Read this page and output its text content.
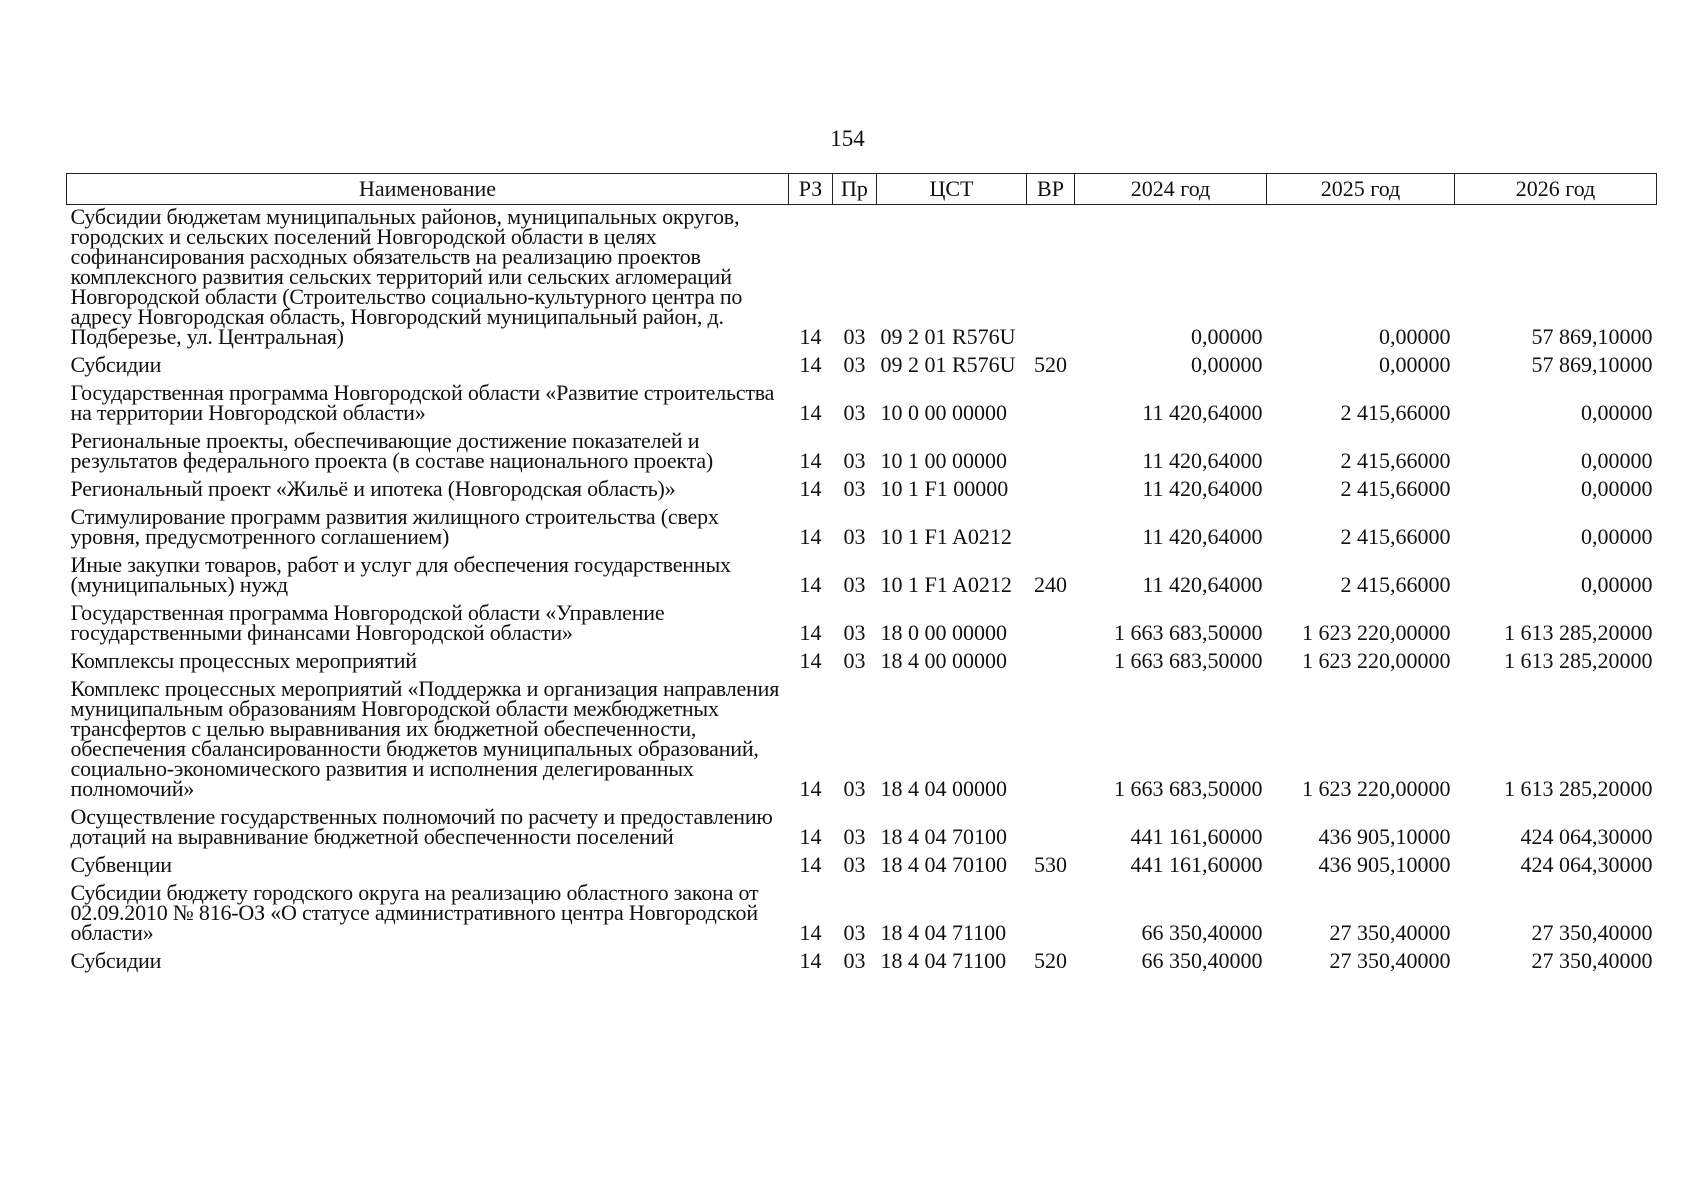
154
Наименование	РЗ	Пр	ЦСТ	ВР	2024 год	2025 год	2026 год
Субсидии бюджетам муниципальных районов, муниципальных округов, городских и сельских поселений Новгородской области в целях софинансирования расходных обязательств на реализацию проектов комплексного развития сельских территорий или сельских агломераций Новгородской области (Строительство социально-культурного центра по адресу Новгородская область, Новгородский муниципальный район, д. Подберезье, ул. Центральная)	14	03	09 2 01 R576U		0,00000	0,00000	57 869,10000
Субсидии	14	03	09 2 01 R576U	520	0,00000	0,00000	57 869,10000
Государственная программа Новгородской области «Развитие строительства на территории Новгородской области»	14	03	10 0 00 00000		11 420,64000	2 415,66000	0,00000
Региональные проекты, обеспечивающие достижение показателей и результатов федерального проекта (в составе национального проекта)	14	03	10 1 00 00000		11 420,64000	2 415,66000	0,00000
Региональный проект «Жильё и ипотека (Новгородская область)»	14	03	10 1 F1 00000		11 420,64000	2 415,66000	0,00000
Стимулирование программ развития жилищного строительства (сверх уровня, предусмотренного соглашением)	14	03	10 1 F1 A0212		11 420,64000	2 415,66000	0,00000
Иные закупки товаров, работ и услуг для обеспечения государственных (муниципальных) нужд	14	03	10 1 F1 A0212	240	11 420,64000	2 415,66000	0,00000
Государственная программа Новгородской области «Управление государственными финансами Новгородской области»	14	03	18 0 00 00000		1 663 683,50000	1 623 220,00000	1 613 285,20000
Комплексы процессных мероприятий	14	03	18 4 00 00000		1 663 683,50000	1 623 220,00000	1 613 285,20000
Комплекс процессных мероприятий «Поддержка и организация направления муниципальным образованиям Новгородской области межбюджетных трансфертов с целью выравнивания их бюджетной обеспеченности, обеспечения сбалансированности бюджетов муниципальных образований, социально-экономического развития и исполнения делегированных полномочий»	14	03	18 4 04 00000		1 663 683,50000	1 623 220,00000	1 613 285,20000
Осуществление государственных полномочий по расчету и предоставлению дотаций на выравнивание бюджетной обеспеченности поселений	14	03	18 4 04 70100		441 161,60000	436 905,10000	424 064,30000
Субвенции	14	03	18 4 04 70100	530	441 161,60000	436 905,10000	424 064,30000
Субсидии бюджету городского округа на реализацию областного закона от 02.09.2010 № 816-ОЗ «О статусе административного центра Новгородской области»	14	03	18 4 04 71100		66 350,40000	27 350,40000	27 350,40000
Субсидии	14	03	18 4 04 71100	520	66 350,40000	27 350,40000	27 350,40000
